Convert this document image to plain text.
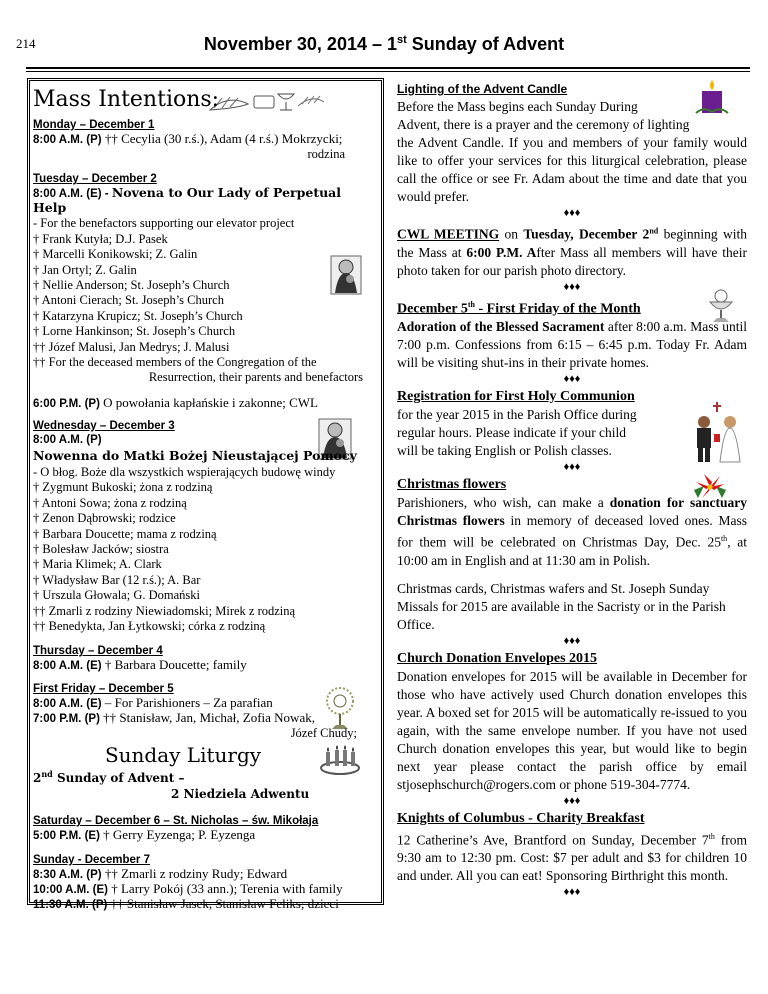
214	November 30, 2014 – 1st Sunday of Advent
Mass Intentions:
Monday – December 1
8:00 A.M. (P) †† Cecylia (30 r.ś.), Adam (4 r.ś.) Mokrzycki;
rodzina
Tuesday – December 2
8:00 A.M. (E) - Novena to Our Lady of Perpetual Help
- For the benefactors supporting our elevator project
† Frank Kutyła; D.J. Pasek
† Marcelli Konikowski; Z. Galin
† Jan Ortyl; Z. Galin
† Nellie Anderson; St. Joseph’s Church
† Antoni Cierach; St. Joseph’s Church
† Katarzyna Krupicz; St. Joseph’s Church
† Lorne Hankinson; St. Joseph’s Church
†† Józef Malusi, Jan Medrys; J. Malusi
†† For the deceased members of the Congregation of the
Resurrection, their parents and benefactors
6:00 P.M. (P) O powołania kapłańskie i zakonne; CWL
Wednesday – December 3
8:00 A.M. (P)
Nowenna do Matki Bożej Nieustającej Pomocy
- O błog. Boże dla wszystkich wspierających budowę windy
† Zygmunt Bukoski; żona z rodziną
† Antoni Sowa; żona z rodziną
† Zenon Dąbrowski; rodzice
† Barbara Doucette; mama z rodziną
† Bolesław Jacków; siostra
† Maria Klimek; A. Clark
† Władysław Bar (12 r.ś.); A. Bar
† Urszula Głowala; G. Domański
†† Zmarli z rodziny Niewiadomski; Mirek z rodziną
†† Benedykta, Jan Łytkowski; córka z rodziną
Thursday – December 4
8:00 A.M. (E) † Barbara Doucette; family
First Friday – December 5
8:00 A.M. (E) – For Parishioners – Za parafian
7:00 P.M. (P) †† Stanisław, Jan, Michał, Zofia Nowak,
Józef Chudy;
Sunday Liturgy
2nd Sunday of Advent –
2 Niedziela Adwentu
Saturday – December 6 – St. Nicholas – św. Mikołaja
5:00 P.M. (E) † Gerry Eyzenga; P. Eyzenga
Sunday - December 7
8:30 A.M. (P) †† Zmarli z rodziny Rudy; Edward
10:00 A.M. (E) † Larry Pokój (33 ann.); Terenia with family
11:30 A.M. (P) †† Stanisław Jasek, Stanisław Feliks; dzieci
Lighting of the Advent Candle
Before the Mass begins each Sunday During
Advent, there is a prayer and the ceremony of lighting
the Advent Candle. If you and members of your family would like to offer your services for this liturgical celebration, please call the office or see Fr. Adam about the time and date that you would prefer.
♦♦♦
CWL MEETING on Tuesday, December 2nd beginning with the Mass at 6:00 P.M. After Mass all members will have their photo taken for our parish photo directory.
♦♦♦
December 5th - First Friday of the Month
Adoration of the Blessed Sacrament after 8:00 a.m. Mass until 7:00 p.m. Confessions from 6:15 – 6:45 p.m. Today Fr. Adam will be visiting shut-ins in their private homes.
♦♦♦
Registration for First Holy Communion
for the year 2015 in the Parish Office during
regular hours. Please indicate if your child
will be taking English or Polish classes.
♦♦♦
Christmas flowers
Parishioners, who wish, can make a donation for sanctuary Christmas flowers in memory of deceased loved ones. Mass for them will be celebrated on Christmas Day, Dec. 25th, at 10:00 am in English and at 11:30 am in Polish.
Christmas cards, Christmas wafers and St. Joseph Sunday Missals for 2015 are available in the Sacristy or in the Parish Office.
♦♦♦
Church Donation Envelopes 2015
Donation envelopes for 2015 will be available in December for those who have actively used Church donation envelopes this year. A boxed set for 2015 will be automatically re-issued to you again, with the same envelope number. If you have not used Church donation envelopes this year, but would like to begin next year please contact the parish office by email stjosephschurch@rogers.com or phone 519-304-7774.
♦♦♦
Knights of Columbus - Charity Breakfast
12 Catherine’s Ave, Brantford on Sunday, December 7th from 9:30 am to 12:30 pm. Cost: $7 per adult and $3 for children 10 and under. All you can eat! Sponsoring Birthright this month.
♦♦♦
